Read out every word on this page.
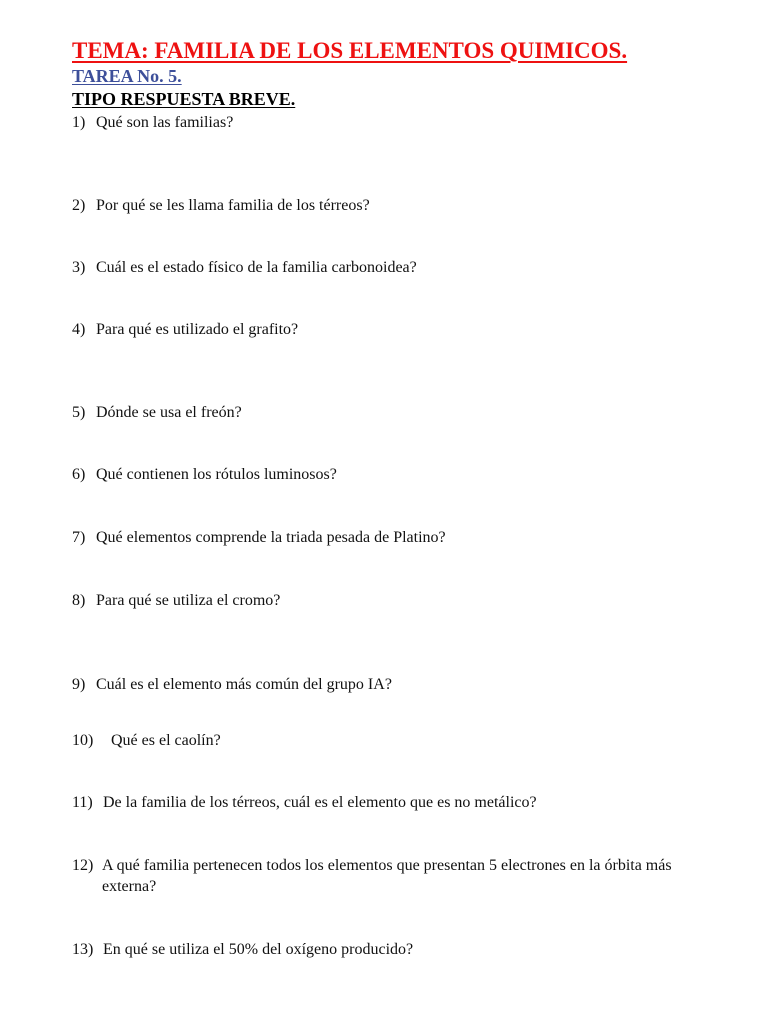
TEMA: FAMILIA DE LOS ELEMENTOS QUIMICOS.
TAREA No. 5.
TIPO RESPUESTA BREVE.
1) Qué son las familias?
2) Por qué se les llama familia de los térreos?
3) Cuál es el estado físico de la familia carbonoidea?
4) Para qué es utilizado el grafito?
5) Dónde se usa el freón?
6) Qué contienen los rótulos luminosos?
7) Qué elementos comprende la triada pesada de Platino?
8) Para qué se utiliza el cromo?
9) Cuál es el elemento más común del grupo IA?
10) Qué es el caolín?
11) De la familia de los térreos, cuál es el elemento que es no metálico?
12) A qué familia pertenecen todos los elementos que presentan 5 electrones en la órbita más externa?
13) En qué se utiliza el 50% del oxígeno producido?
